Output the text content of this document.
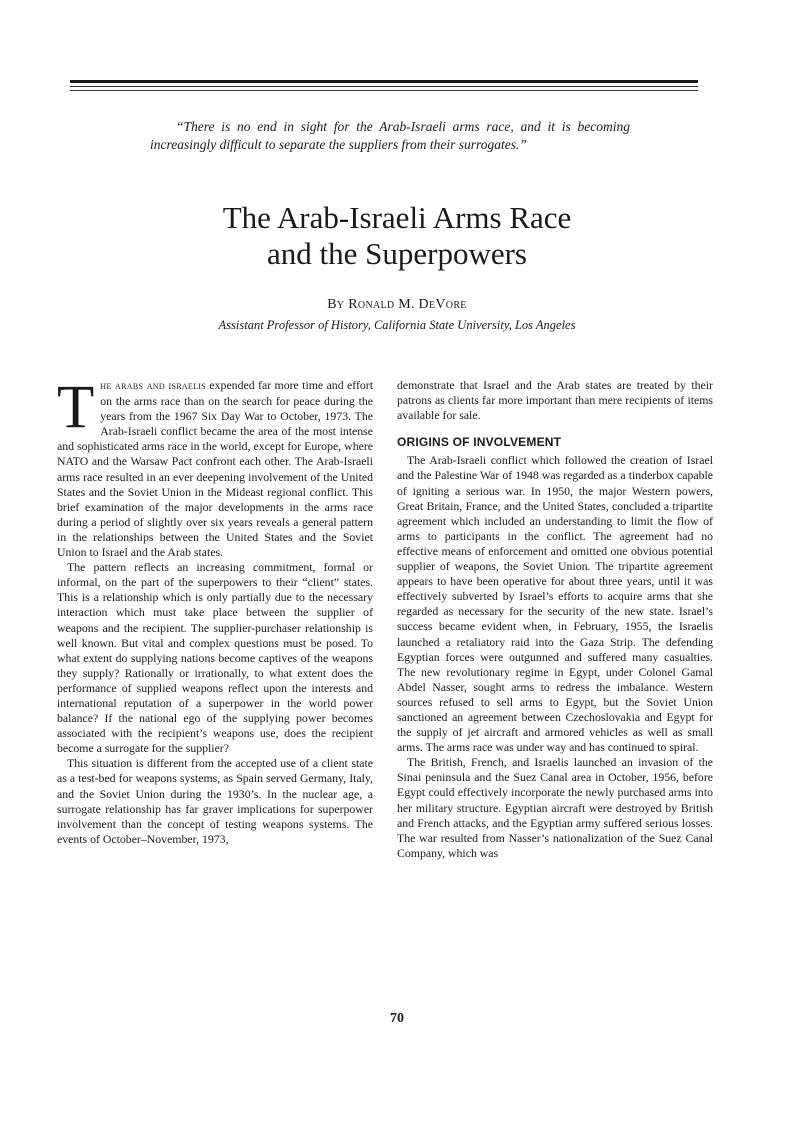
“There is no end in sight for the Arab-Israeli arms race, and it is becoming increasingly difficult to separate the suppliers from their surrogates.”
The Arab-Israeli Arms Race
and the Superpowers
By Ronald M. DeVore
Assistant Professor of History, California State University, Los Angeles

The arabs and israelis expended far more time and effort on the arms race than on the search for peace during the years from the 1967 Six Day War to October, 1973. The Arab-Israeli conflict became the area of the most intense and sophisticated arms race in the world, except for Europe, where NATO and the Warsaw Pact confront each other. The Arab-Israeli arms race resulted in an ever deepening involvement of the United States and the Soviet Union in the Mideast regional conflict. This brief examination of the major developments in the arms race during a period of slightly over six years reveals a general pattern in the relationships between the United States and the Soviet Union to Israel and the Arab states.

The pattern reflects an increasing commitment, formal or informal, on the part of the superpowers to their “client” states. This is a relationship which is only partially due to the necessary interaction which must take place between the supplier of weapons and the recipient. The supplier-purchaser relationship is well known. But vital and complex questions must be posed. To what extent do supplying nations become captives of the weapons they supply? Rationally or irrationally, to what extent does the performance of supplied weapons reflect upon the interests and international reputation of a superpower in the world power balance? If the national ego of the supplying power becomes associated with the recipient’s weapons use, does the recipient become a surrogate for the supplier?

This situation is different from the accepted use of a client state as a test-bed for weapons systems, as Spain served Germany, Italy, and the Soviet Union during the 1930’s. In the nuclear age, a surrogate relationship has far graver implications for superpower involvement than the concept of testing weapons systems. The events of October–November, 1973,

demonstrate that Israel and the Arab states are treated by their patrons as clients far more important than mere recipients of items available for sale.

ORIGINS OF INVOLVEMENT

The Arab-Israeli conflict which followed the creation of Israel and the Palestine War of 1948 was regarded as a tinderbox capable of igniting a serious war. In 1950, the major Western powers, Great Britain, France, and the United States, concluded a tripartite agreement which included an understanding to limit the flow of arms to participants in the conflict. The agreement had no effective means of enforcement and omitted one obvious potential supplier of weapons, the Soviet Union. The tripartite agreement appears to have been operative for about three years, until it was effectively subverted by Israel’s efforts to acquire arms that she regarded as necessary for the security of the new state. Israel’s success became evident when, in February, 1955, the Israelis launched a retaliatory raid into the Gaza Strip. The defending Egyptian forces were outgunned and suffered many casualties. The new revolutionary regime in Egypt, under Colonel Gamal Abdel Nasser, sought arms to redress the imbalance. Western sources refused to sell arms to Egypt, but the Soviet Union sanctioned an agreement between Czechoslovakia and Egypt for the supply of jet aircraft and armored vehicles as well as small arms. The arms race was under way and has continued to spiral.

The British, French, and Israelis launched an invasion of the Sinai peninsula and the Suez Canal area in October, 1956, before Egypt could effectively incorporate the newly purchased arms into her military structure. Egyptian aircraft were destroyed by British and French attacks, and the Egyptian army suffered serious losses. The war resulted from Nasser’s nationalization of the Suez Canal Company, which was

70
